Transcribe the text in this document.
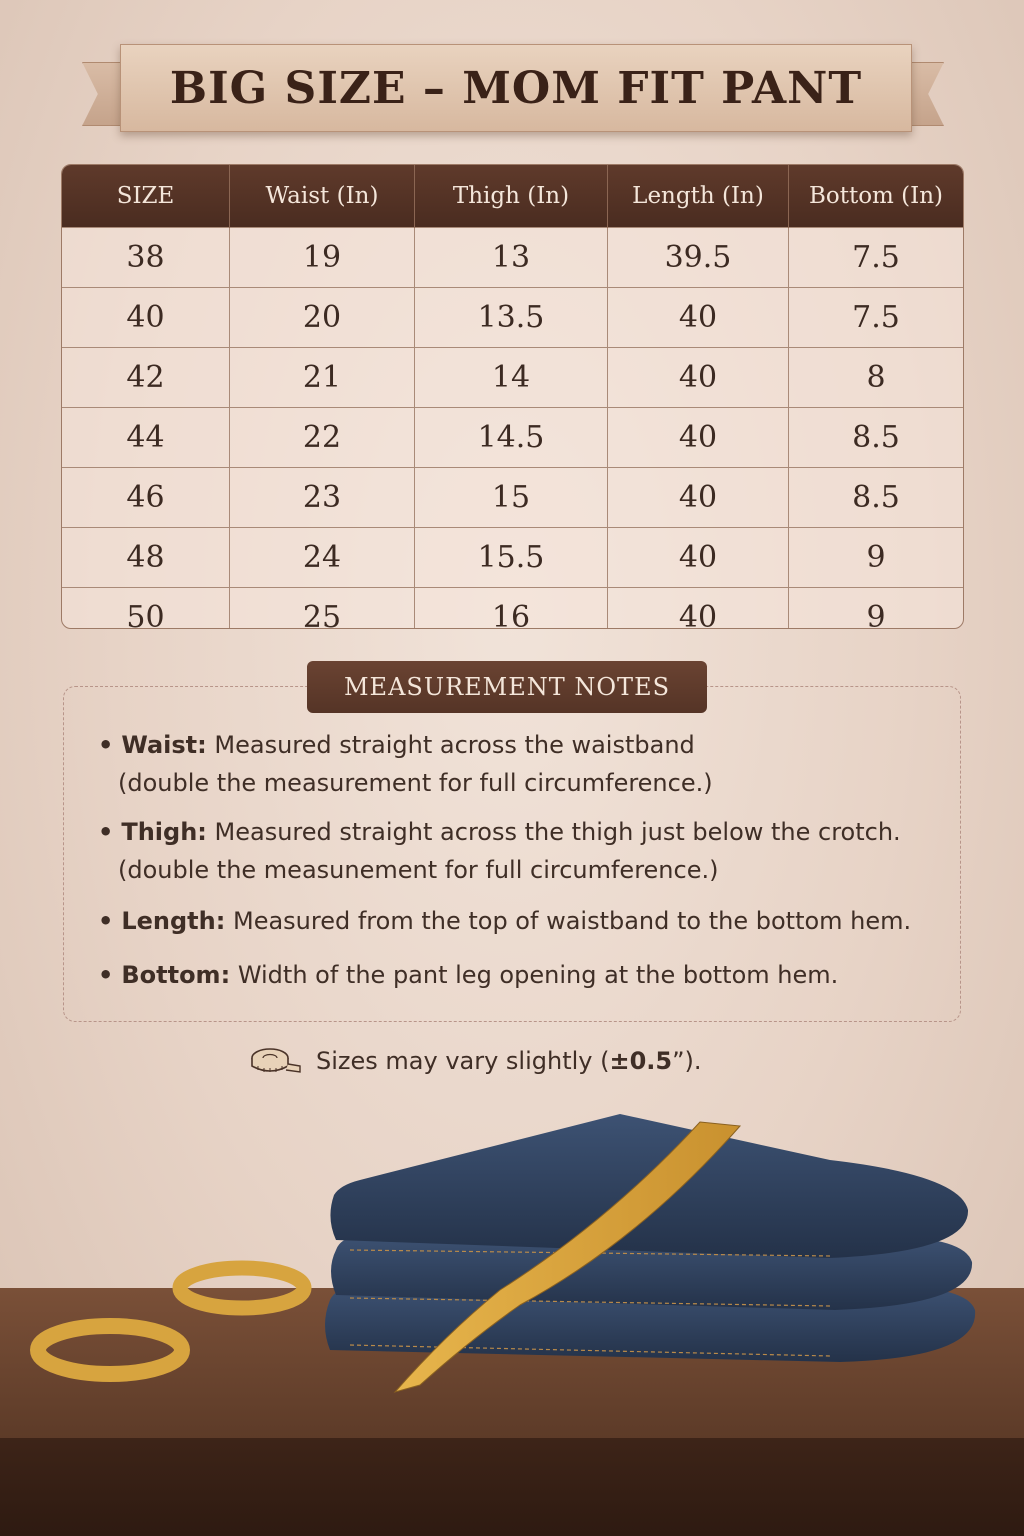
BIG SIZE – MOM FIT PANT
SIZE	Waist (In)	Thigh (In)	Length (In)	Bottom (In)
38	19	13	39.5	7.5
40	20	13.5	40	7.5
42	21	14	40	8
44	22	14.5	40	8.5
46	23	15	40	8.5
48	24	15.5	40	9
50	25	16	40	9
MEASUREMENT NOTES
• Waist: Measured straight across the waistband
(double the measurement for full circumference.)
• Thigh: Measured straight across the thigh just below the crotch.
(double the measunement for full circumference.)
• Length: Measured from the top of waistband to the bottom hem.
• Bottom: Width of the pant leg opening at the bottom hem.
Sizes may vary slightly (±0.5”).
